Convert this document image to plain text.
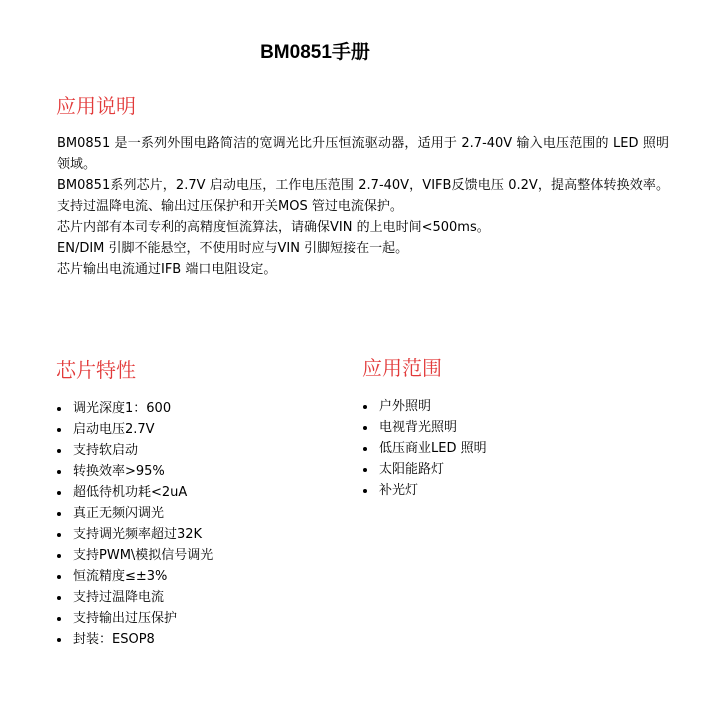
BM0851手册
应用说明

BM0851 是一系列外围电路简洁的宽调光比升压恒流驱动器，适用于 2.7-40V 输入电压范围的 LED 照明领域。

BM0851系列芯片，2.7V 启动电压，工作电压范围 2.7-40V，VIFB反馈电压 0.2V，提高整体转换效率。支持过温降电流、输出过压保护和开关MOS 管过电流保护。

芯片内部有本司专利的高精度恒流算法，请确保VIN 的上电时间<500ms。

EN/DIM 引脚不能悬空，不使用时应与VIN 引脚短接在一起。

芯片输出电流通过IFB 端口电阻设定。

芯片特性
调光深度1：600
启动电压2.7V
支持软启动
转换效率>95%
超低待机功耗<2uA
真正无频闪调光
支持调光频率超过32K
支持PWM\模拟信号调光
恒流精度≤±3%
支持过温降电流
支持输出过压保护
封装：ESOP8
应用范围
户外照明
电视背光照明
低压商业LED 照明
太阳能路灯
补光灯
